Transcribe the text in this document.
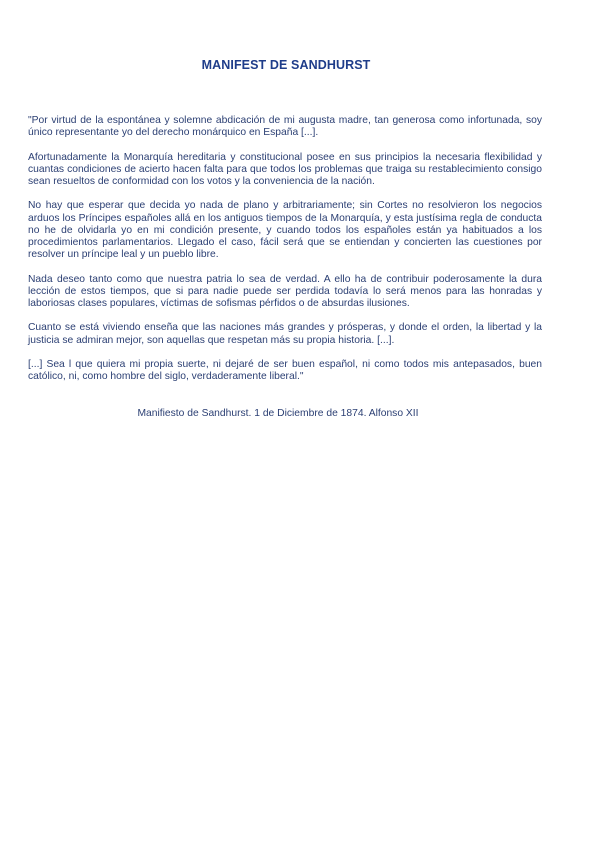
MANIFEST DE SANDHURST

"Por virtud de la espontánea y solemne abdicación de mi augusta madre, tan generosa como infortunada, soy único representante yo del derecho monárquico en España [...].

Afortunadamente la Monarquía hereditaria y constitucional posee en sus principios la necesaria flexibilidad y cuantas condiciones de acierto hacen falta para que todos los problemas que traiga su restablecimiento consigo sean resueltos de conformidad con los votos y la conveniencia de la nación.

No hay que esperar que decida yo nada de plano y arbitrariamente; sin Cortes no resolvieron los negocios arduos los Príncipes españoles allá en los antiguos tiempos de la Monarquía, y esta justísima regla de conducta no he de olvidarla yo en mi condición presente, y cuando todos los españoles están ya habituados a los procedimientos parlamentarios. Llegado el caso, fácil será que se entiendan y concierten las cuestiones por resolver un príncipe leal y un pueblo libre.

Nada deseo tanto como que nuestra patria lo sea de verdad. A ello ha de contribuir poderosamente la dura lección de estos tiempos, que si para nadie puede ser perdida todavía lo será menos para las honradas y laboriosas clases populares, víctimas de sofismas pérfidos o de absurdas ilusiones.

Cuanto se está viviendo enseña que las naciones más grandes y prósperas, y donde el orden, la libertad y la justicia se admiran mejor, son aquellas que respetan más su propia historia. [...].

[...] Sea l que quiera mi propia suerte, ni dejaré de ser buen español, ni como todos mis antepasados, buen católico, ni, como hombre del siglo, verdaderamente liberal."

Manifiesto de Sandhurst. 1 de Diciembre de 1874. Alfonso XII
